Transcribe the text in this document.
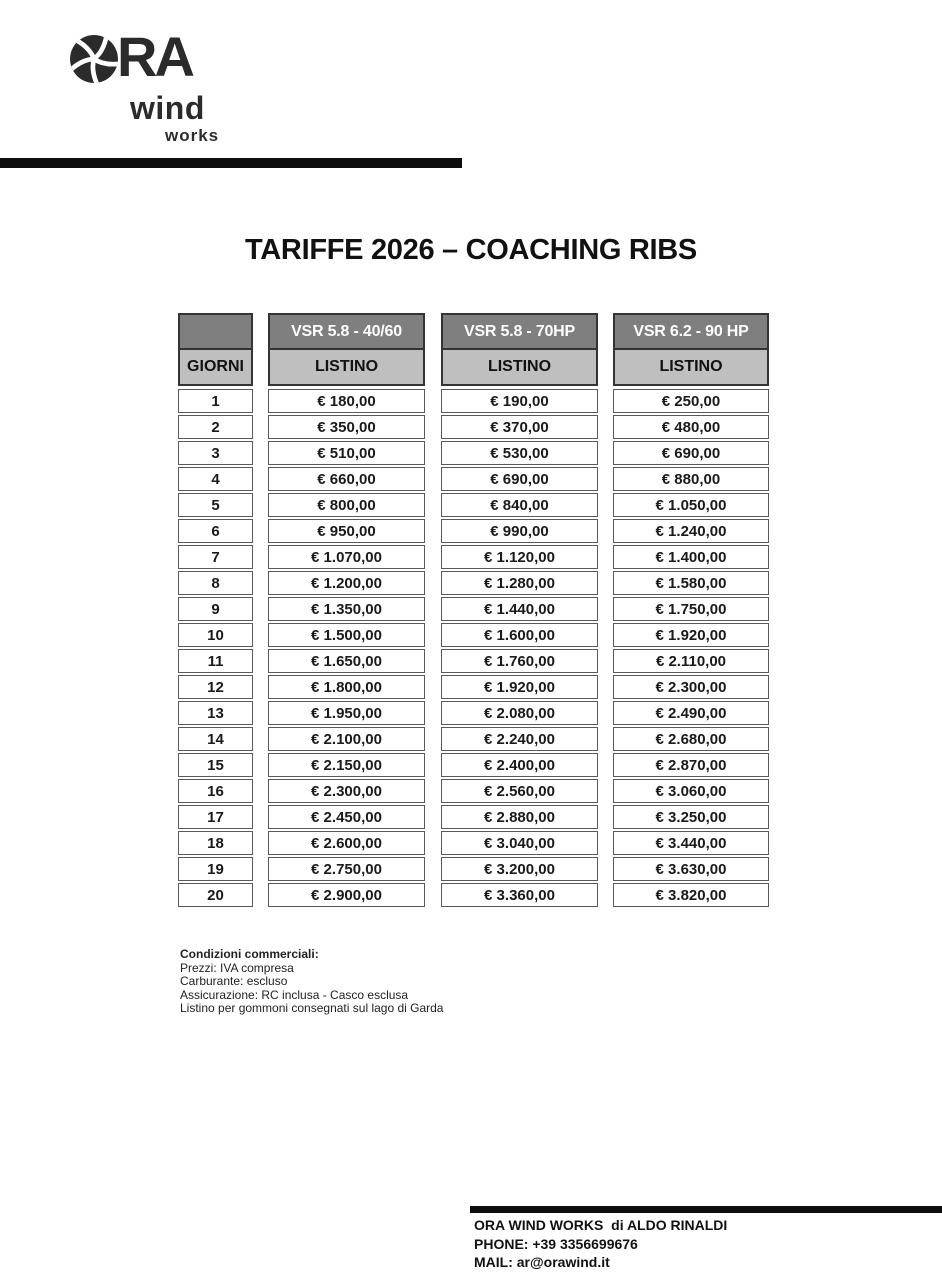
RA
wind
works
TARIFFE 2026 – COACHING RIBS
GIORNI
1
2
3
4
5
6
7
8
9
10
11
12
13
14
15
16
17
18
19
20
VSR 5.8 - 40/60
LISTINO
€ 180,00
€ 350,00
€ 510,00
€ 660,00
€ 800,00
€ 950,00
€ 1.070,00
€ 1.200,00
€ 1.350,00
€ 1.500,00
€ 1.650,00
€ 1.800,00
€ 1.950,00
€ 2.100,00
€ 2.150,00
€ 2.300,00
€ 2.450,00
€ 2.600,00
€ 2.750,00
€ 2.900,00
VSR 5.8 - 70HP
LISTINO
€ 190,00
€ 370,00
€ 530,00
€ 690,00
€ 840,00
€ 990,00
€ 1.120,00
€ 1.280,00
€ 1.440,00
€ 1.600,00
€ 1.760,00
€ 1.920,00
€ 2.080,00
€ 2.240,00
€ 2.400,00
€ 2.560,00
€ 2.880,00
€ 3.040,00
€ 3.200,00
€ 3.360,00
VSR 6.2 - 90 HP
LISTINO
€ 250,00
€ 480,00
€ 690,00
€ 880,00
€ 1.050,00
€ 1.240,00
€ 1.400,00
€ 1.580,00
€ 1.750,00
€ 1.920,00
€ 2.110,00
€ 2.300,00
€ 2.490,00
€ 2.680,00
€ 2.870,00
€ 3.060,00
€ 3.250,00
€ 3.440,00
€ 3.630,00
€ 3.820,00
Condizioni commerciali:
Prezzi: IVA compresa
Carburante: escluso
Assicurazione: RC inclusa - Casco esclusa
Listino per gommoni consegnati sul lago di Garda
ORA WIND WORKS  di ALDO RINALDI
PHONE: +39 3356699676
MAIL: ar@orawind.it
